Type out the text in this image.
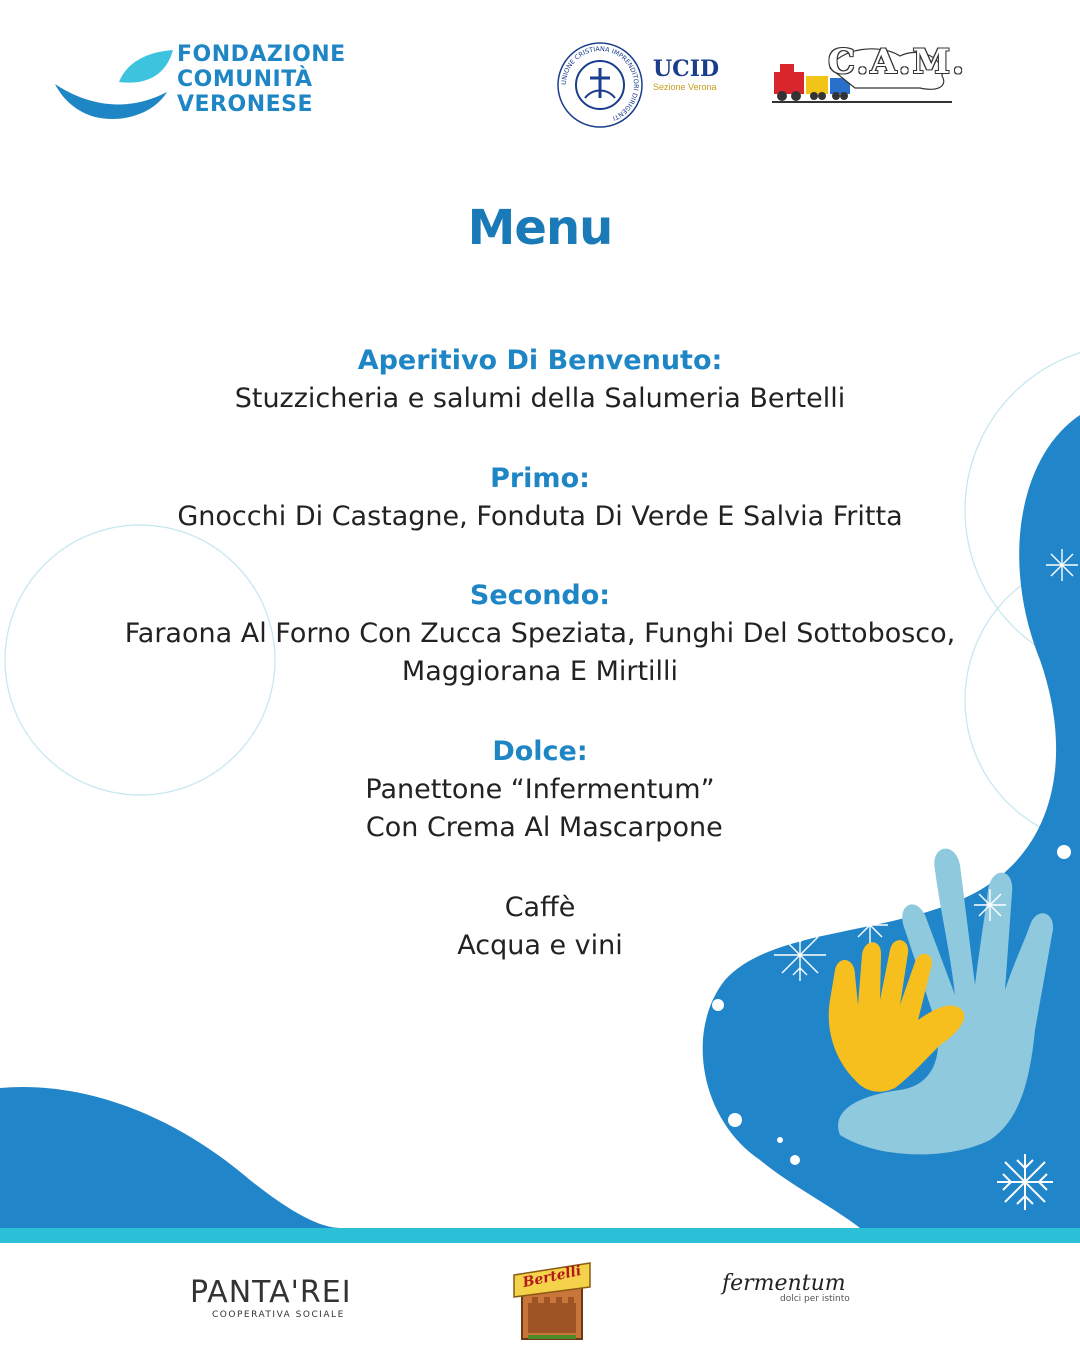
FONDAZIONE
COMUNITÀ
VERONESE
UNIONE CRISTIANA IMPRENDITORI DIRIGENTI
UCID
Sezione Verona
C.A.M.
Menu
Aperitivo Di Benvenuto:
Stuzzicheria e salumi della Salumeria Bertelli
Primo:
Gnocchi Di Castagne, Fonduta Di Verde E Salvia Fritta
Secondo:
Faraona Al Forno Con Zucca Speziata, Funghi Del Sottobosco,
Maggiorana E Mirtilli
Dolce:
Panettone “Infermentum”
Con Crema Al Mascarpone
Caffè
Acqua e vini
PANTA'REI
COOPERATIVA SOCIALE
Bertelli	fermentum
dolci per istinto
